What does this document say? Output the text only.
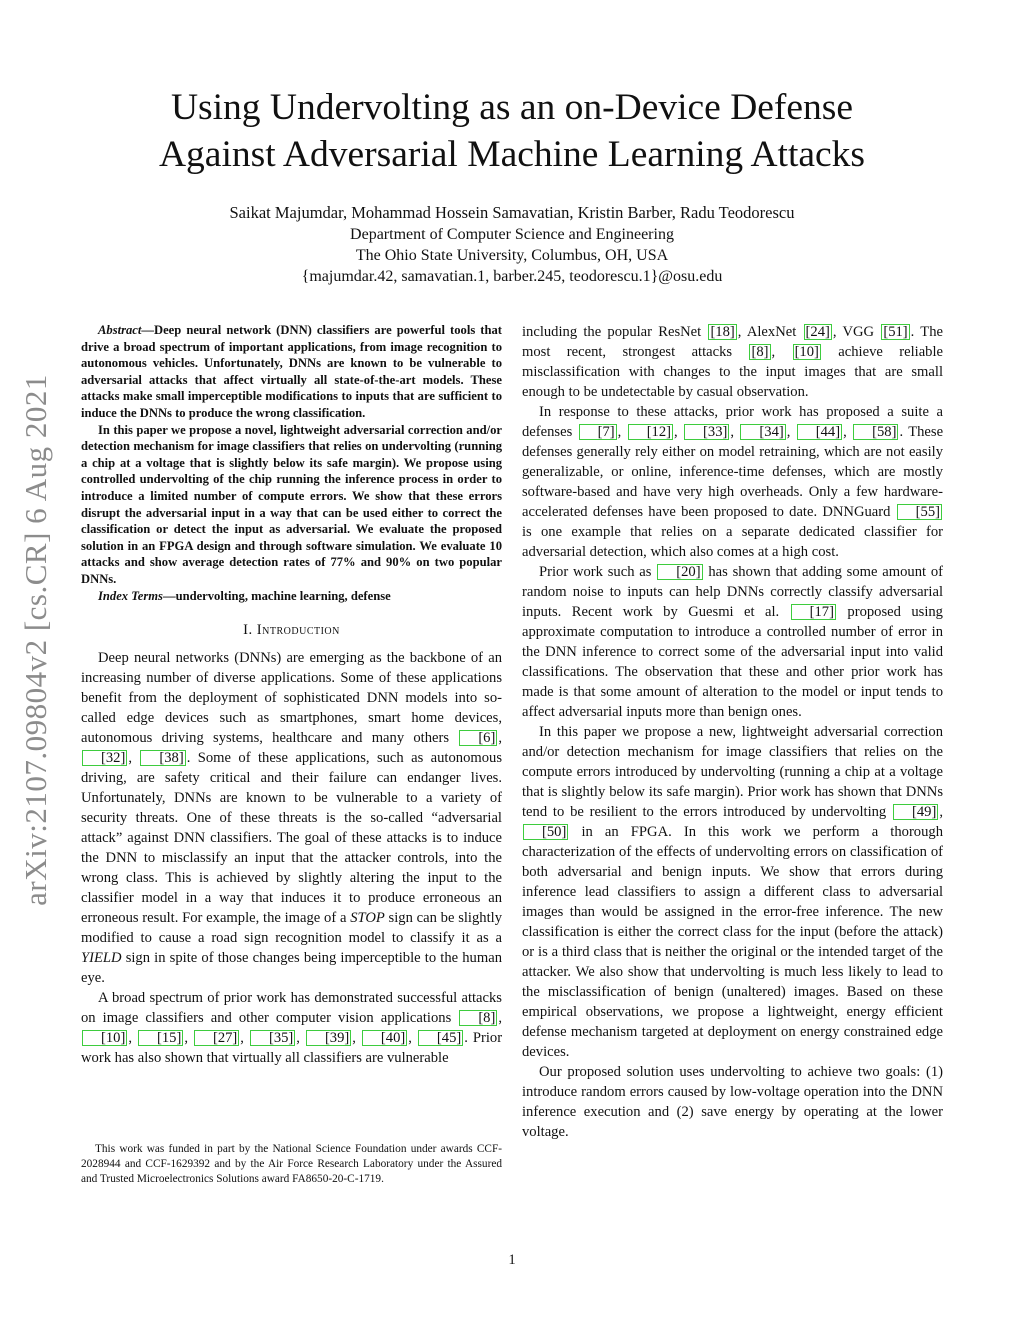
arXiv:2107.09804v2 [cs.CR] 6 Aug 2021
Using Undervolting as an on-Device Defense
Against Adversarial Machine Learning Attacks
Saikat Majumdar, Mohammad Hossein Samavatian, Kristin Barber, Radu Teodorescu
Department of Computer Science and Engineering
The Ohio State University, Columbus, OH, USA
{majumdar.42, samavatian.1, barber.245, teodorescu.1}@osu.edu

Abstract—Deep neural network (DNN) classifiers are powerful tools that drive a broad spectrum of important applications, from image recognition to autonomous vehicles. Unfortunately, DNNs are known to be vulnerable to adversarial attacks that affect virtually all state-of-the-art models. These attacks make small imperceptible modifications to inputs that are sufficient to induce the DNNs to produce the wrong classification.

In this paper we propose a novel, lightweight adversarial correction and/or detection mechanism for image classifiers that relies on undervolting (running a chip at a voltage that is slightly below its safe margin). We propose using controlled undervolting of the chip running the inference process in order to introduce a limited number of compute errors. We show that these errors disrupt the adversarial input in a way that can be used either to correct the classification or detect the input as adversarial. We evaluate the proposed solution in an FPGA design and through software simulation. We evaluate 10 attacks and show average detection rates of 77% and 90% on two popular DNNs.

Index Terms—undervolting, machine learning, defense

I. Introduction

Deep neural networks (DNNs) are emerging as the backbone of an increasing number of diverse applications. Some of these applications benefit from the deployment of sophisticated DNN models into so-called edge devices such as smartphones, smart home devices, autonomous driving systems, healthcare and many others [6] , [32] , [38] . Some of these applications, such as autonomous driving, are safety critical and their failure can endanger lives. Unfortunately, DNNs are known to be vulnerable to a variety of security threats. One of these threats is the so-called “adversarial attack” against DNN classifiers. The goal of these attacks is to induce the DNN to misclassify an input that the attacker controls, into the wrong class. This is achieved by slightly altering the input to the classifier model in a way that induces it to produce erroneous an erroneous result. For example, the image of a STOP sign can be slightly modified to cause a road sign recognition model to classify it as a YIELD sign in spite of those changes being imperceptible to the human eye.

A broad spectrum of prior work has demonstrated successful attacks on image classifiers and other computer vision applications [8] , [10] , [15] , [27] , [35] , [39] , [40] , [45] . Prior work has also shown that virtually all classifiers are vulnerable

This work was funded in part by the National Science Foundation under awards CCF-2028944 and CCF-1629392 and by the Air Force Research Laboratory under the Assured and Trusted Microelectronics Solutions award FA8650-20-C-1719.

including the popular ResNet [18] , AlexNet [24] , VGG [51] . The most recent, strongest attacks [8] , [10] achieve reliable misclassification with changes to the input images that are small enough to be undetectable by casual observation.

In response to these attacks, prior work has proposed a suite a defenses [7] , [12] , [33] , [34] , [44] , [58] . These defenses generally rely either on model retraining, which are not easily generalizable, or online, inference-time defenses, which are mostly software-based and have very high overheads. Only a few hardware-accelerated defenses have been proposed to date. DNNGuard [55] is one example that relies on a separate dedicated classifier for adversarial detection, which also comes at a high cost.

Prior work such as [20] has shown that adding some amount of random noise to inputs can help DNNs correctly classify adversarial inputs. Recent work by Guesmi et al. [17] proposed using approximate computation to introduce a controlled number of error in the DNN inference to correct some of the adversarial input into valid classifications. The observation that these and other prior work has made is that some amount of alteration to the model or input tends to affect adversarial inputs more than benign ones.

In this paper we propose a new, lightweight adversarial correction and/or detection mechanism for image classifiers that relies on the compute errors introduced by undervolting (running a chip at a voltage that is slightly below its safe margin). Prior work has shown that DNNs tend to be resilient to the errors introduced by undervolting [49] , [50] in an FPGA. In this work we perform a thorough characterization of the effects of undervolting errors on classification of both adversarial and benign inputs. We show that errors during inference lead classifiers to assign a different class to adversarial images than would be assigned in the error-free inference. The new classification is either the correct class for the input (before the attack) or is a third class that is neither the original or the intended target of the attacker. We also show that undervolting is much less likely to lead to the misclassification of benign (unaltered) images. Based on these empirical observations, we propose a lightweight, energy efficient defense mechanism targeted at deployment on energy constrained edge devices.

Our proposed solution uses undervolting to achieve two goals: (1) introduce random errors caused by low-voltage operation into the DNN inference execution and (2) save energy by operating at the lower voltage.

1
